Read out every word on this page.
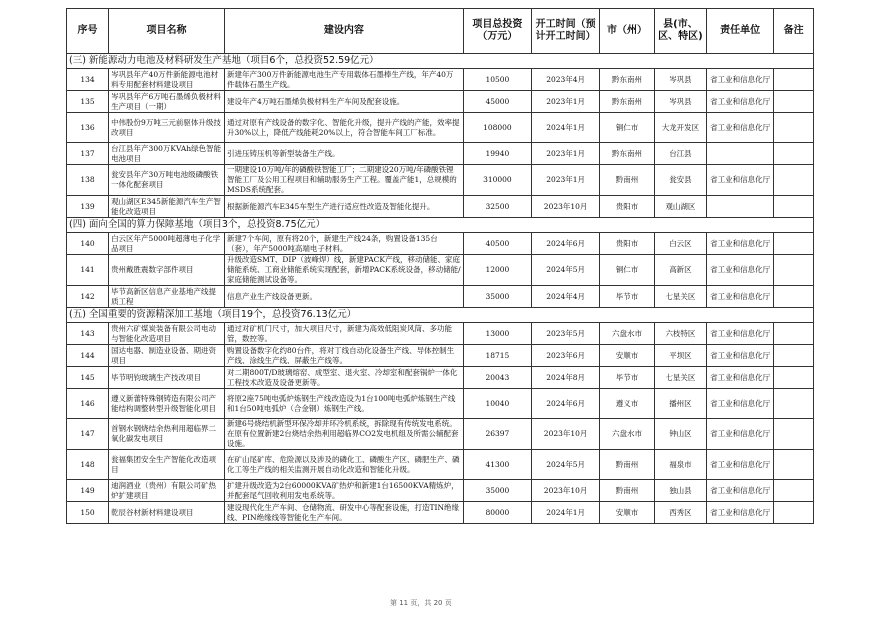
序号	项目名称	建设内容	项目总投资（万元）	开工时间（预计开工时间）	市（州）	县(市、区、特区)	责任单位	备注
(三) 新能源动力电池及材料研发生产基地（项目6个，总投资52.59亿元）								
134	岑巩县年产40万件新能源电池材料专用配套材料建设项目	新建年产300万件新能源电池生产专用载体石墨棒生产线，年产40万件载体石墨生产线。	10500	2023年4月	黔东南州	岑巩县	省工业和信息化厅	
135	岑巩县年产6万吨石墨烯负极材料生产项目（一期）	建设年产4万吨石墨烯负极材料生产车间及配套设施。	45000	2023年1月	黔东南州	岑巩县	省工业和信息化厅	
136	中伟股份9万吨三元前驱体升级技改项目	通过对原有产线设备的数字化、智能化升级，提升产线的产能，效率提升30%以上，降低产线能耗20%以上，符合智能车间工厂标准。	108000	2024年1月	铜仁市	大龙开发区	省工业和信息化厅	
137	台江县年产300万KVAh绿色智能电池项目	引进压铸压机等新型装备生产线。	19940	2023年1月	黔东南州	台江县		
138	瓮安县年产30万吨电池级磷酸铁一体化配套项目	一期建设10万吨/年的磷酸铁智能工厂；二期建设20万吨/年磷酸铁锂智能工厂及公用工程项目和辅助服务生产工程。覆盖产能1，总规模的MSDS系统配套。	310000	2023年1月	黔南州	瓮安县	省工业和信息化厅	
139	观山湖区E345新能源汽车生产智能化改造项目	根据新能源汽车E345车型生产进行适应性改造及智能化提升。	32500	2023年10月	贵阳市	观山湖区		
(四) 面向全国的算力保障基地（项目3个，总投资8.75亿元）								
140	白云区年产5000吨超薄电子化学品项目	新建7个车间，原有将20个，新建生产线24条，购置设备135台（套），年产5000吨高端电子材料。	40500	2024年6月	贵阳市	白云区	省工业和信息化厅	
141	贵州戴胜震数字部件项目	升级改造SMT、DIP（波峰焊）线，新建PACK产线，移动储能、家庭储能系统、工商业储能系统实现配套，新增PACK系统设备，移动储能/家庭储能测试设备等。	12000	2024年5月	铜仁市	高新区	省工业和信息化厅	
142	毕节高新区信息产业基地产线提质工程	信息产业生产线设备更新。	35000	2024年4月	毕节市	七星关区	省工业和信息化厅	
(五) 全国重要的资源精深加工基地（项目19个，总投资76.13亿元）								
143	贵州六矿煤炭装备有限公司电动与智能化改造项目	通过对矿机门尺寸，加大项目尺寸，新建为高效低阻炭风筒、多功能管，数控等。	13000	2023年5月	六盘水市	六枝特区	省工业和信息化厅	
144	国达电器、制造业设备、期进资项目	购置设备数字化约80台件，将对丁线自动化设备生产线、导体控制生产线、涂线生产线、屏蔽生产线等。	18715	2023年6月	安顺市	平坝区	省工业和信息化厅	
145	毕节明钧玻璃生产技改项目	对二期800T/D玻璃熔窑、成型室、退火室、冷却室和配套锅炉一体化工程技术改造及设备更新等。	20043	2024年8月	毕节市	七星关区	省工业和信息化厅	
146	遵义新蕾特殊钢铸造有限公司产能结构调整转型升级智能化项目	将原2座75吨电弧炉炼钢生产线改造设为1台100吨电弧炉炼钢生产线和1台50吨电弧炉（合金钢）炼钢生产线。	10040	2024年6月	遵义市	播州区	省工业和信息化厅	
147	首钢水钢烧结余热利用超临界二氧化碳发电项目	新建6号烧结机新型环保冷却并环冷机系统，拆除现有传统发电系统。在原有位置新建2台烧结余热利用超临界CO2发电机组及所需公辅配套设施。	26397	2023年10月	六盘水市	钟山区	省工业和信息化厅	
148	瓮福集团安全生产智能化改造项目	在矿山尾矿库、危险源以及涉及的磷化工、磷酸生产区、磷肥生产、磷化工等生产线的相关监测开展自动化改造和智能化升级。	41300	2024年5月	黔南州	福泉市	省工业和信息化厅	
149	迪润酒业（贵州）有限公司矿热炉扩建项目	扩建升级改造为2台60000KVA矿热炉和新建1台16500KVA精炼炉，并配套尾气回收利用发电系统等。	35000	2023年10月	黔南州	独山县	省工业和信息化厅	
150	乾辰谷材新材料建设项目	建设现代化生产车间、仓储物流、研发中心等配套设施，打造TIN绝缘线、PIN绝缘线等智能化生产车间。	80000	2024年1月	安顺市	西秀区	省工业和信息化厅	
第 11 页，共 20 页
